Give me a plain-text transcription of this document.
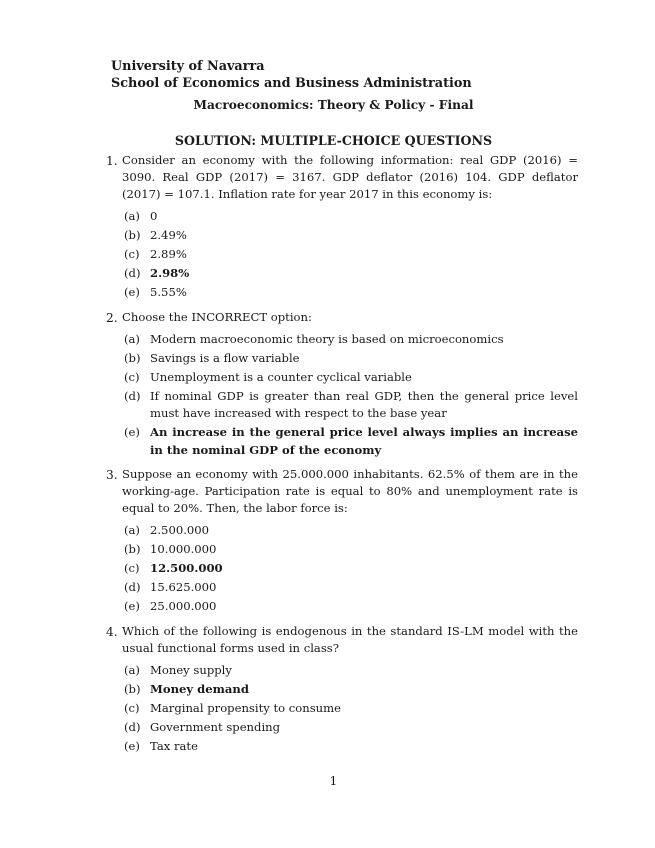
University of Navarra
School of Economics and Business Administration
Macroeconomics: Theory & Policy - Final
SOLUTION: MULTIPLE-CHOICE QUESTIONS
1. Consider an economy with the following information: real GDP (2016) = 3090. Real GDP (2017) = 3167. GDP deflator (2016) 104. GDP deflator (2017) = 107.1. Inflation rate for year 2017 in this economy is:
(a) 0
(b) 2.49%
(c) 2.89%
(d) 2.98%
(e) 5.55%
2. Choose the INCORRECT option:
(a) Modern macroeconomic theory is based on microeconomics
(b) Savings is a flow variable
(c) Unemployment is a counter cyclical variable
(d) If nominal GDP is greater than real GDP, then the general price level must have increased with respect to the base year
(e) An increase in the general price level always implies an increase in the nominal GDP of the economy
3. Suppose an economy with 25.000.000 inhabitants. 62.5% of them are in the working-age. Participation rate is equal to 80% and unemployment rate is equal to 20%. Then, the labor force is:
(a) 2.500.000
(b) 10.000.000
(c) 12.500.000
(d) 15.625.000
(e) 25.000.000
4. Which of the following is endogenous in the standard IS-LM model with the usual functional forms used in class?
(a) Money supply
(b) Money demand
(c) Marginal propensity to consume
(d) Government spending
(e) Tax rate
1
